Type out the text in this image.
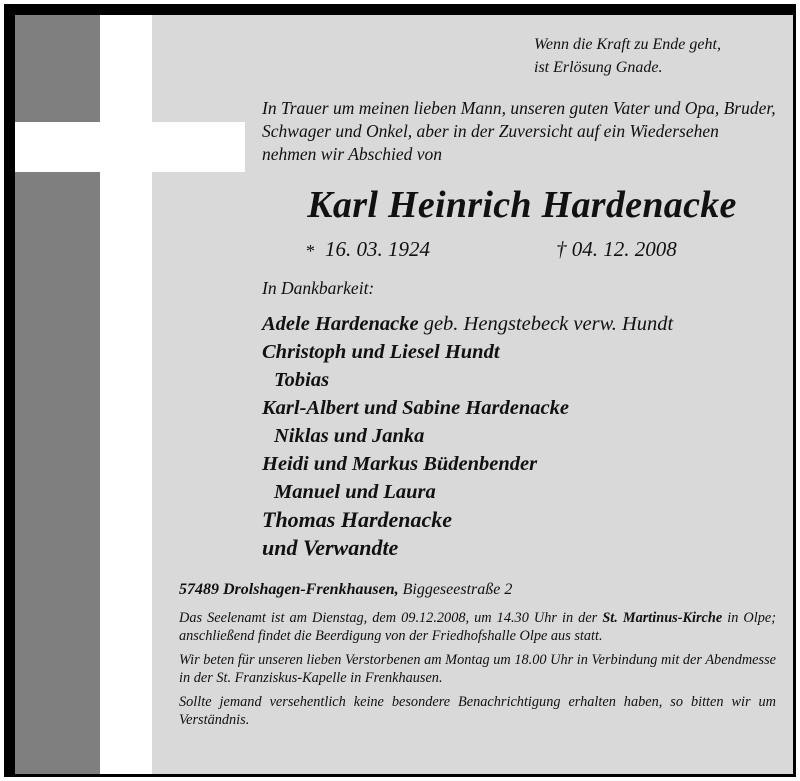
Wenn die Kraft zu Ende geht,
ist Erlösung Gnade.
In Trauer um meinen lieben Mann, unseren guten Vater und Opa, Bruder, Schwager und Onkel, aber in der Zuversicht auf ein Wiedersehen nehmen wir Abschied von
Karl Heinrich Hardenacke
* 16. 03. 1924	† 04. 12. 2008
In Dankbarkeit:
Adele Hardenacke geb. Hengstebeck verw. Hundt
Christoph und Liesel Hundt
Tobias
Karl-Albert und Sabine Hardenacke
Niklas und Janka
Heidi und Markus Büdenbender
Manuel und Laura
Thomas Hardenacke
und Verwandte
57489 Drolshagen-Frenkhausen, Biggeseestraße 2

Das Seelenamt ist am Dienstag, dem 09.12.2008, um 14.30 Uhr in der St. Martinus-Kirche in Olpe; anschließend findet die Beerdigung von der Friedhofshalle Olpe aus statt.

Wir beten für unseren lieben Verstorbenen am Montag um 18.00 Uhr in Verbindung mit der Abendmesse in der St. Franziskus-Kapelle in Frenkhausen.

Sollte jemand versehentlich keine besondere Benachrichtigung erhalten haben, so bitten wir um Verständnis.
